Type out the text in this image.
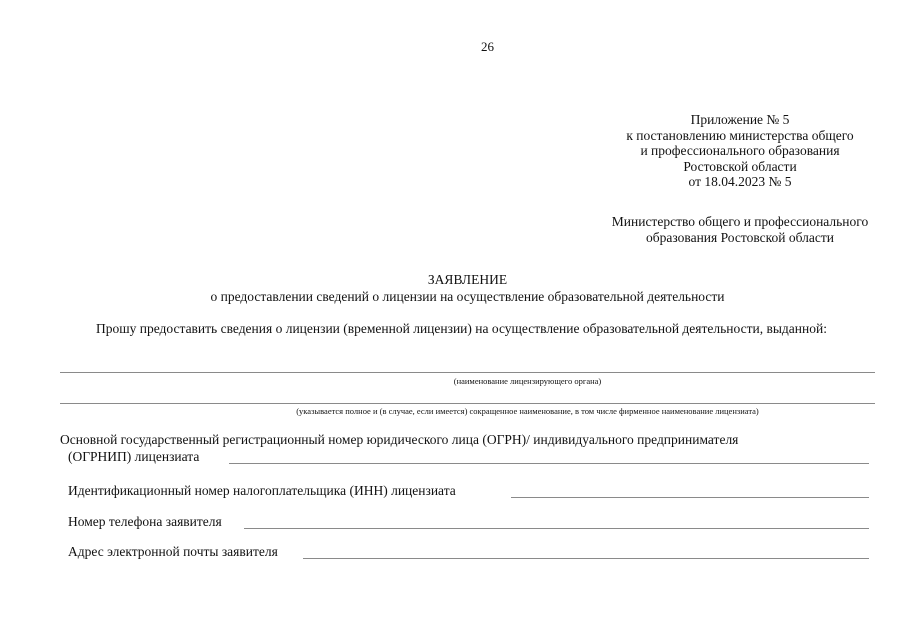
26
Приложение № 5
к постановлению министерства общего
и профессионального образования
Ростовской области
от 18.04.2023 № 5
Министерство общего и профессионального
образования Ростовской области
ЗАЯВЛЕНИЕ
о предоставлении сведений о лицензии на осуществление образовательной деятельности
Прошу предоставить сведения о лицензии (временной лицензии) на осуществление образовательной деятельности, выданной:
(наименование лицензирующего органа)
(указывается полное и (в случае, если имеется) сокращенное наименование, в том числе фирменное наименование лицензиата)
Основной государственный регистрационный номер юридического лица (ОГРН)/ индивидуального предпринимателя
(ОГРНИП) лицензиата
Идентификационный номер налогоплательщика (ИНН) лицензиата
Номер телефона заявителя
Адрес электронной почты заявителя
